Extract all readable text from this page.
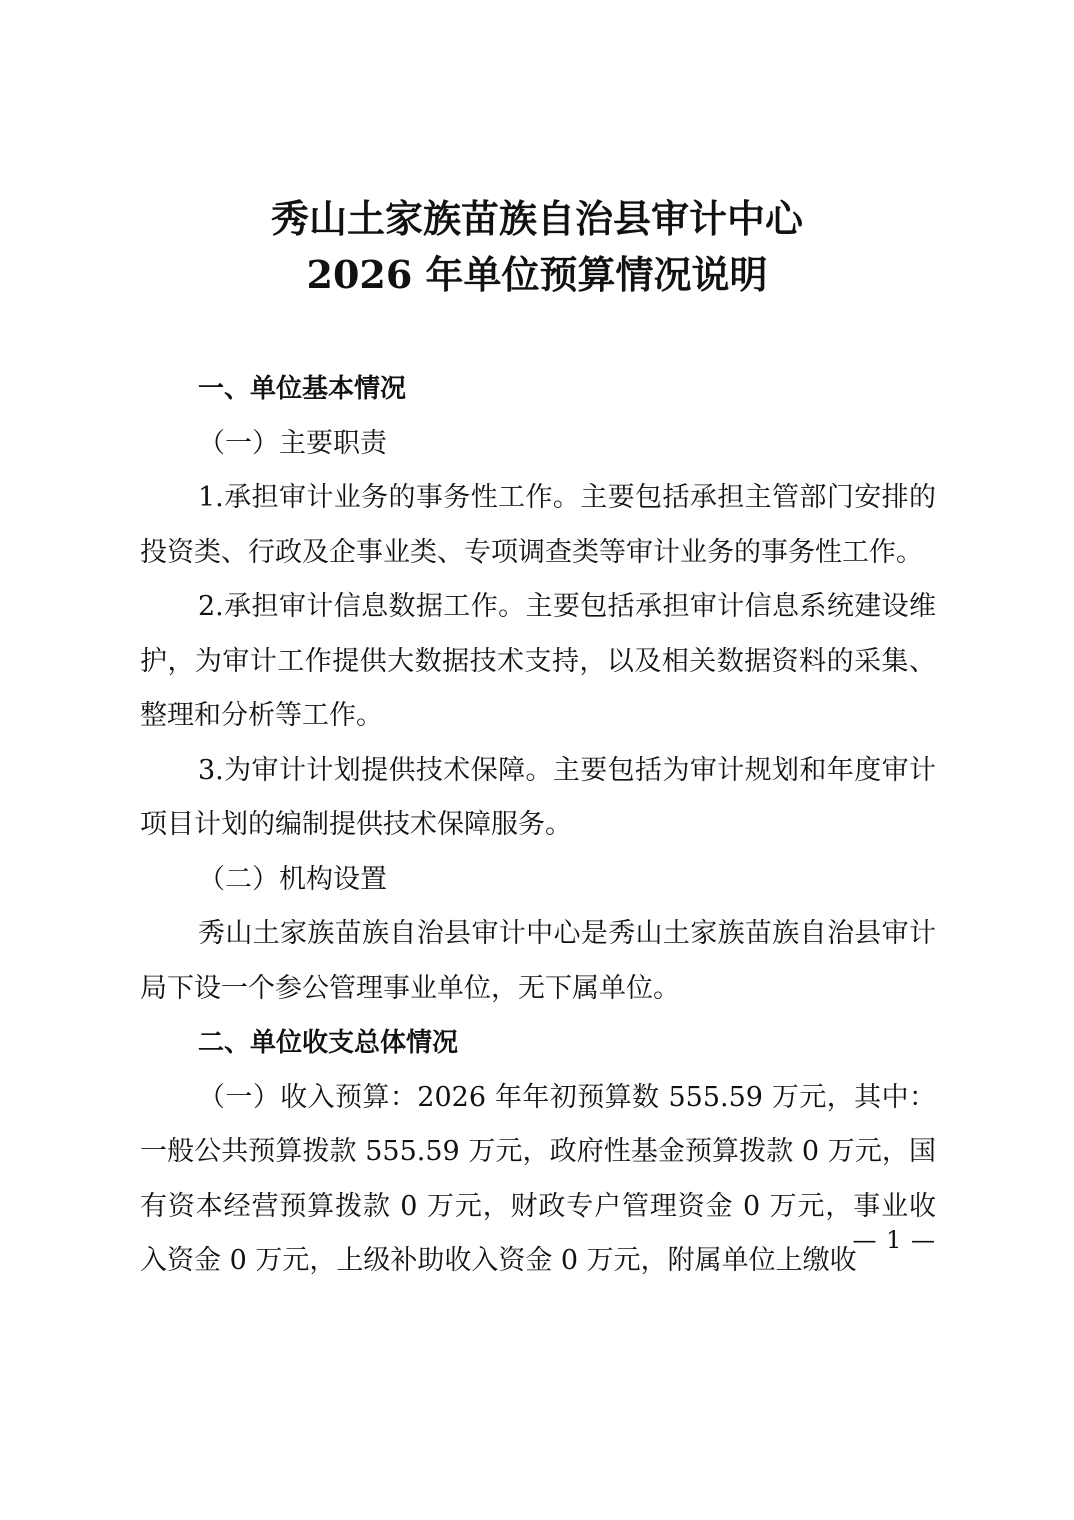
秀山土家族苗族自治县审计中心
2026 年单位预算情况说明

一、单位基本情况

（一）主要职责

1.承担审计业务的事务性工作。主要包括承担主管部门安排的投资类、行政及企事业类、专项调查类等审计业务的事务性工作。

2.承担审计信息数据工作。主要包括承担审计信息系统建设维护，为审计工作提供大数据技术支持，以及相关数据资料的采集、整理和分析等工作。

3.为审计计划提供技术保障。主要包括为审计规划和年度审计项目计划的编制提供技术保障服务。

（二）机构设置

秀山土家族苗族自治县审计中心是秀山土家族苗族自治县审计局下设一个参公管理事业单位，无下属单位。

二、单位收支总体情况

（一）收入预算：2026 年年初预算数 555.59 万元，其中：一般公共预算拨款 555.59 万元，政府性基金预算拨款 0 万元，国有资本经营预算拨款 0 万元，财政专户管理资金 0 万元，事业收入资金 0 万元，上级补助收入资金 0 万元，附属单位上缴收

— 1 —
